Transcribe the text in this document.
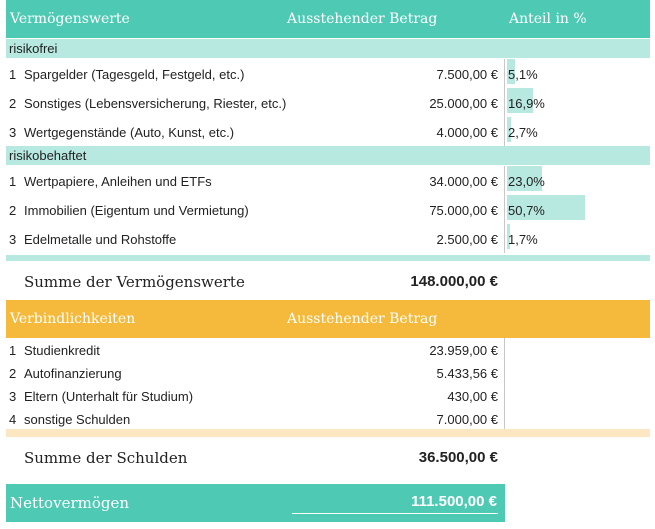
Vermögenswerte	Ausstehender Betrag	Anteil in %
risikofrei
1 Spargelder (Tagesgeld, Festgeld, etc.)	7.500,00 € 5,1%
2 Sonstiges (Lebensversicherung, Riester, etc.)	25.000,00 € 16,9%
3 Wertgegenstände (Auto, Kunst, etc.)	4.000,00 € 2,7%
risikobehaftet
1 Wertpapiere, Anleihen und ETFs	34.000,00 € 23,0%
2 Immobilien (Eigentum und Vermietung)	75.000,00 € 50,7%
3 Edelmetalle und Rohstoffe	2.500,00 € 1,7%
Summe der Vermögenswerte	148.000,00 €
Verbindlichkeiten	Ausstehender Betrag
1 Studienkredit	23.959,00 €
2 Autofinanzierung	5.433,56 €
3 Eltern (Unterhalt für Studium)	430,00 €
4 sonstige Schulden	7.000,00 €
Summe der Schulden	36.500,00 €
Nettovermögen	111.500,00 €
